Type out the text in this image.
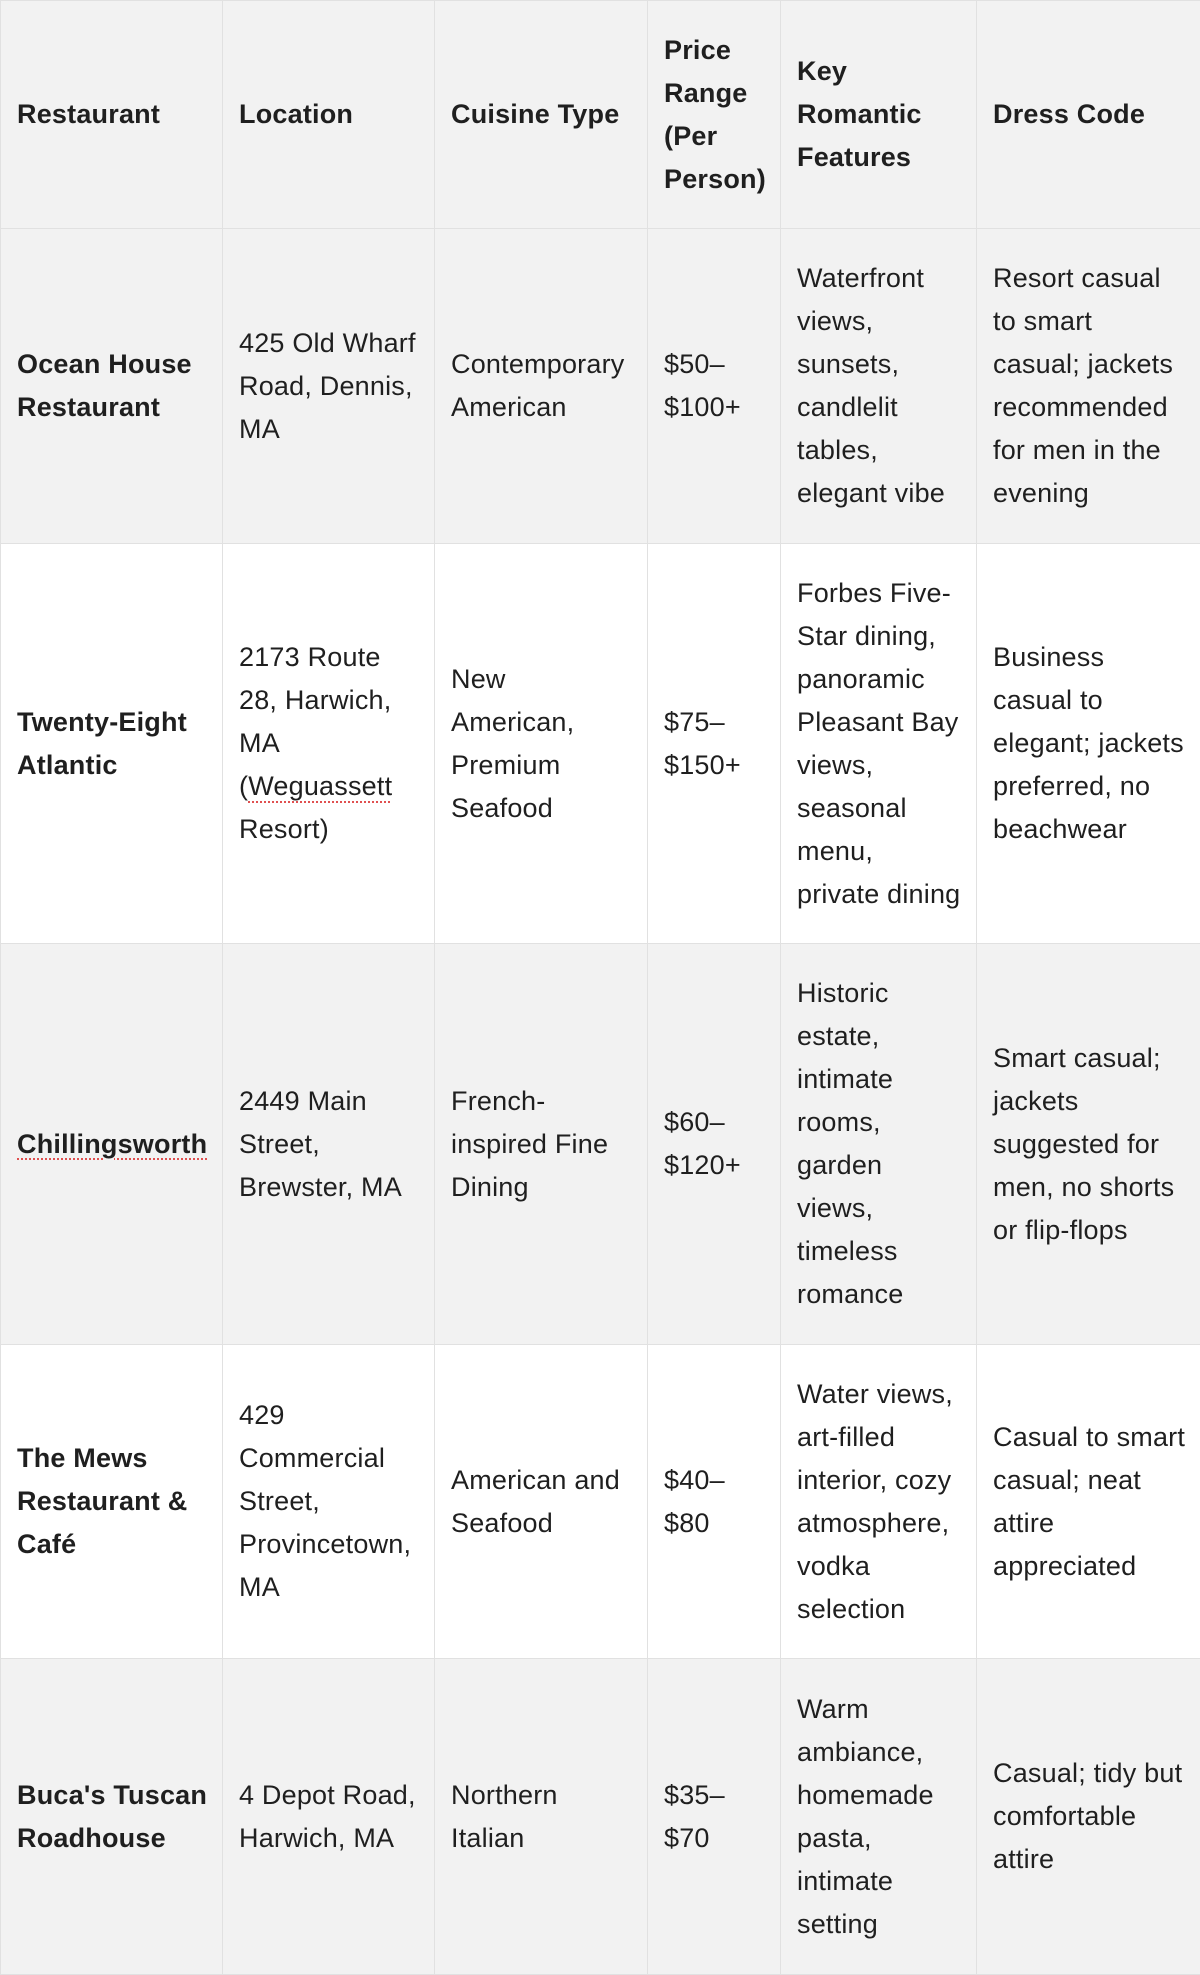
Restaurant	Location	Cuisine Type	Price Range (Per Person)	Key Romantic Features	Dress Code
Ocean House Restaurant	425 Old Wharf Road, Dennis, MA	Contemporary American	$50–$100+	Waterfront views, sunsets, candlelit tables, elegant vibe	Resort casual to smart casual; jackets recommended for men in the evening
Twenty-Eight Atlantic	2173 Route 28, Harwich, MA (Weguassett Resort)	New American, Premium Seafood	$75–$150+	Forbes Five-Star dining, panoramic Pleasant Bay views, seasonal menu, private dining	Business casual to elegant; jackets preferred, no beachwear
Chillingsworth	2449 Main Street, Brewster, MA	French-inspired Fine Dining	$60–$120+	Historic estate, intimate rooms, garden views, timeless romance	Smart casual; jackets suggested for men, no shorts or flip-flops
The Mews Restaurant & Café	429 Commercial Street, Provincetown, MA	American and Seafood	$40–$80	Water views, art-filled interior, cozy atmosphere, vodka selection	Casual to smart casual; neat attire appreciated
Buca's Tuscan Roadhouse	4 Depot Road, Harwich, MA	Northern Italian	$35–$70	Warm ambiance, homemade pasta, intimate setting	Casual; tidy but comfortable attire
